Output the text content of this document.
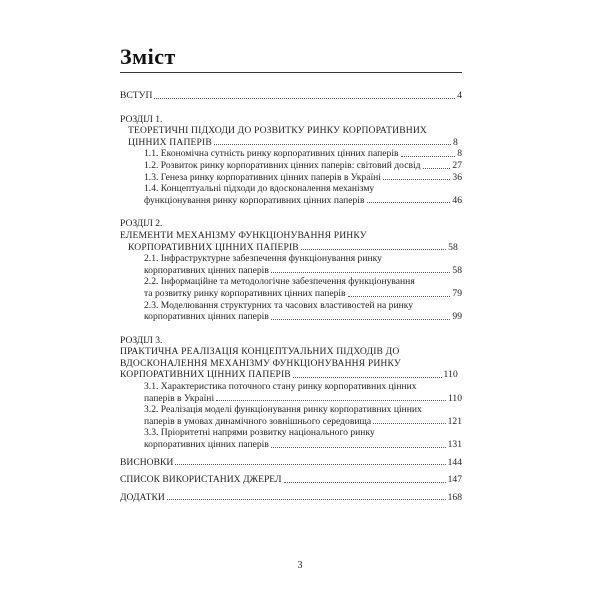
Зміст
ВСТУП	4
РОЗДІЛ 1.
ТЕОРЕТИЧНІ ПІДХОДИ ДО РОЗВИТКУ РИНКУ КОРПОРАТИВНИХ
ЦІННИХ ПАПЕРІВ	8
1.1. Економічна сутність ринку корпоративних цінних паперів	8
1.2. Розвиток ринку корпоративних цінних паперів: світовий досвід	27
1.3. Генеза ринку корпоративних цінних паперів в Україні	36
1.4. Концептуальні підходи до вдосконалення механізму
функціонування ринку корпоративних цінних паперів	46
РОЗДІЛ 2.
ЕЛЕМЕНТИ МЕХАНІЗМУ ФУНКЦІОНУВАННЯ РИНКУ
КОРПОРАТИВНИХ ЦІННИХ ПАПЕРІВ	58
2.1. Інфраструктурне забезпечення функціонування ринку
корпоративних цінних паперів	58
2.2. Інформаційне та методологічне забезпечення функціонування
та розвитку ринку корпоративних цінних паперів	79
2.3. Моделювання структурних та часових властивостей на ринку
корпоративних цінних паперів	99
РОЗДІЛ 3.
ПРАКТИЧНА РЕАЛІЗАЦІЯ КОНЦЕПТУАЛЬНИХ ПІДХОДІВ ДО
ВДОСКОНАЛЕННЯ МЕХАНІЗМУ ФУНКЦІОНУВАННЯ РИНКУ
КОРПОРАТИВНИХ ЦІННИХ ПАПЕРІВ	110
3.1. Характеристика поточного стану ринку корпоративних цінних
паперів в Україні	110
3.2. Реалізація моделі функціонування ринку корпоративних цінних
паперів в умовах динамічного зовнішнього середовища	121
3.3. Пріоритетні напрями розвитку національного ринку
корпоративних цінних паперів	131
ВИСНОВКИ	144
СПИСОК ВИКОРИСТАНИХ ДЖЕРЕЛ	147
ДОДАТКИ	168
3
